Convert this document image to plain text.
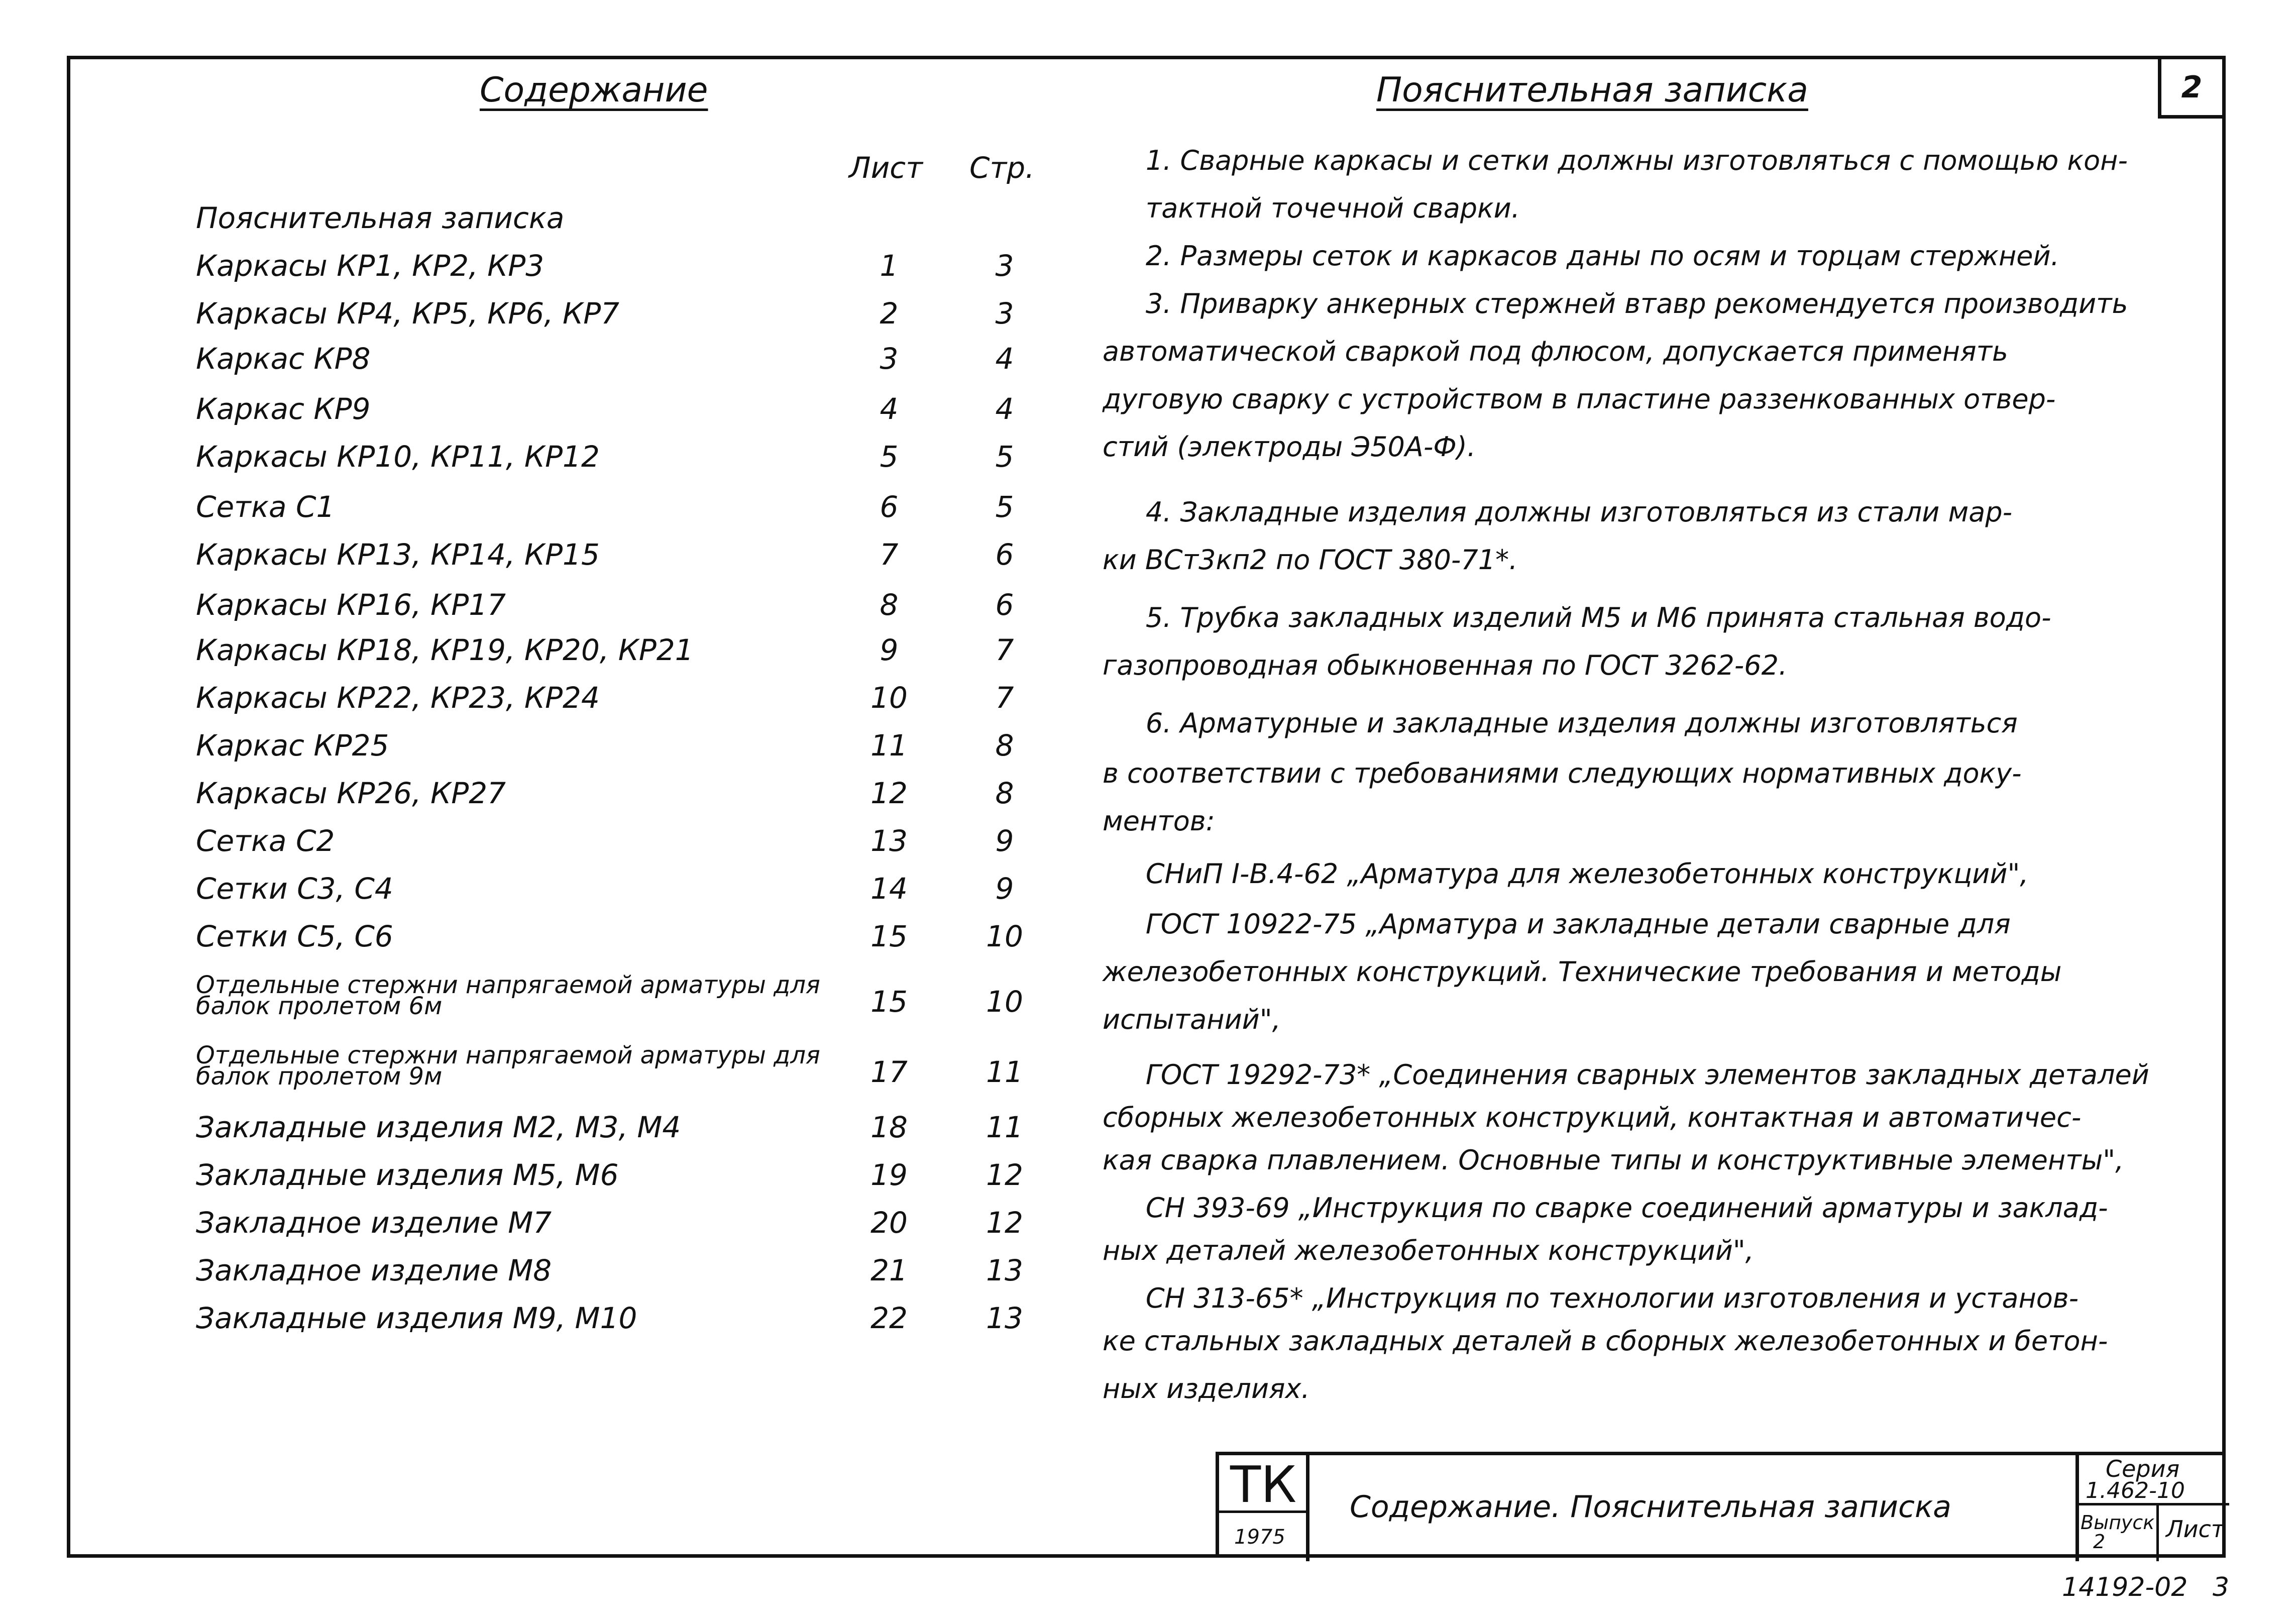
2
Содержание
Лист Стр.
Пояснительная записка
Каркасы КР1, КР2, КР3	1	3
Каркасы КР4, КР5, КР6, КР7	2	3
Каркас КР8	3	4
Каркас КР9	4	4
Каркасы КР10, КР11, КР12	5	5
Сетка С1	6	5
Каркасы КР13, КР14, КР15	7	6
Каркасы КР16, КР17	8	6
Каркасы КР18, КР19, КР20, КР21	9	7
Каркасы КР22, КР23, КР24	10	7
Каркас КР25	11	8
Каркасы КР26, КР27	12	8
Сетка С2	13	9
Сетки С3, С4	14	9
Сетки С5, С6	15	10
Отдельные стержни напрягаемой арматуры для балок пролетом 6м	15	10
Отдельные стержни напрягаемой арматуры для балок пролетом 9м	17	11
Закладные изделия М2, М3, М4	18	11
Закладные изделия М5, М6	19	12
Закладное изделие М7	20	12
Закладное изделие М8	21	13
Закладные изделия М9, М10	22	13
Пояснительная записка
1. Сварные каркасы и сетки должны изготовляться с помощью кон-
тактной точечной сварки.
2. Размеры сеток и каркасов даны по осям и торцам стержней.
3. Приварку анкерных стержней втавр рекомендуется производить
автоматической сваркой под флюсом, допускается применять
дуговую сварку с устройством в пластине раззенкованных отвер-
стий (электроды Э50А-Ф).
4. Закладные изделия должны изготовляться из стали мар-
ки ВСт3кп2 по ГОСТ 380-71*.
5. Трубка закладных изделий М5 и М6 принята стальная водо-
газопроводная обыкновенная по ГОСТ 3262-62.
6. Арматурные и закладные изделия должны изготовляться
в соответствии с требованиями следующих нормативных доку-
ментов:
СНиП I-В.4-62 „Арматура для железобетонных конструкций",
ГОСТ 10922-75 „Арматура и закладные детали сварные для
железобетонных конструкций. Технические требования и методы
испытаний",
ГОСТ 19292-73* „Соединения сварных элементов закладных деталей
сборных железобетонных конструкций, контактная и автоматичес-
кая сварка плавлением. Основные типы и конструктивные элементы",
СН 393-69 „Инструкция по сварке соединений арматуры и заклад-
ных деталей железобетонных конструкций",
СН 313-65* „Инструкция по технологии изготовления и установ-
ке стальных закладных деталей в сборных железобетонных и бетон-
ных изделиях.
ТК
1975
Содержание. Пояснительная записка
Серия
1.462-10
Выпуск
2	Лист
14192-02 3
